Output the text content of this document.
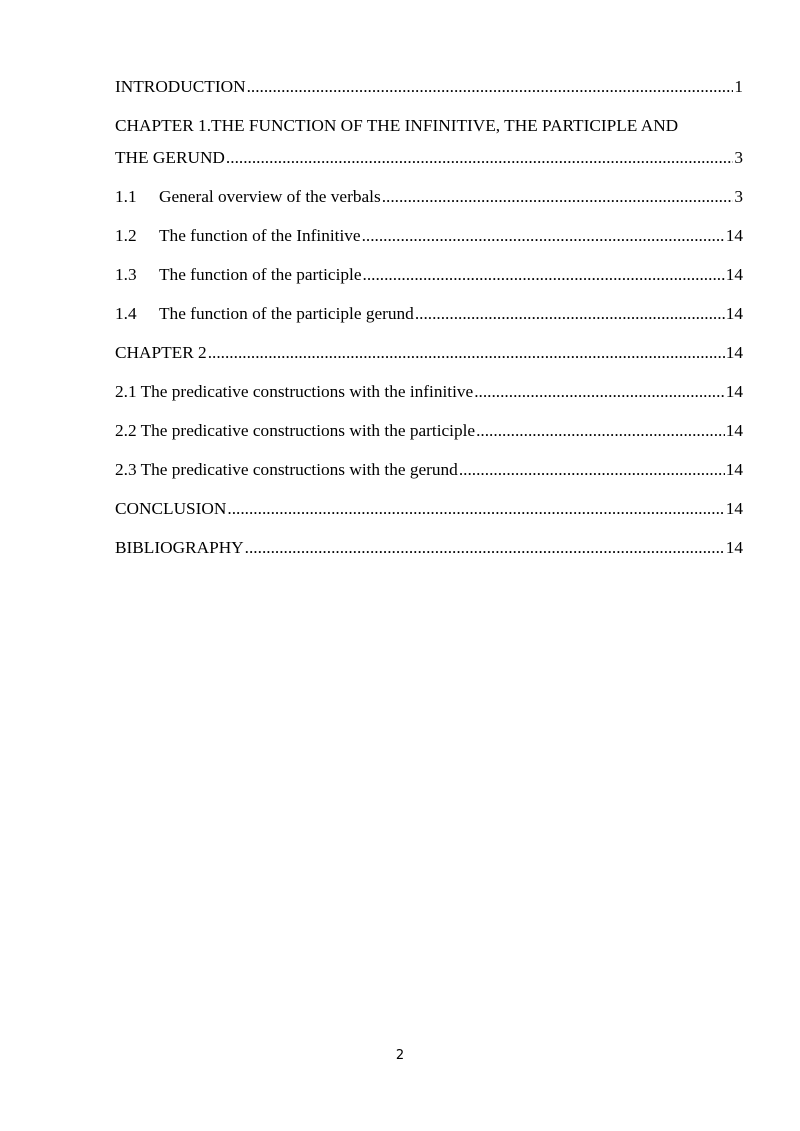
INTRODUCTION .....	1
CHAPTER 1.THE FUNCTION OF THE INFINITIVE, THE PARTICIPLE AND
THE GERUND .....	3
1.1	General overview of the verbals .....	3
1.2	The function of the Infinitive .....	14
1.3	The function of the participle .....	14
1.4	The function of the participle gerund .....	14
CHAPTER 2 .....	14
2.1 The predicative constructions with the infinitive .....	14
2.2 The predicative constructions with the participle .....	14
2.3 The predicative constructions with the gerund .....	14
CONCLUSION .....	14
BIBLIOGRAPHY .....	14
2
